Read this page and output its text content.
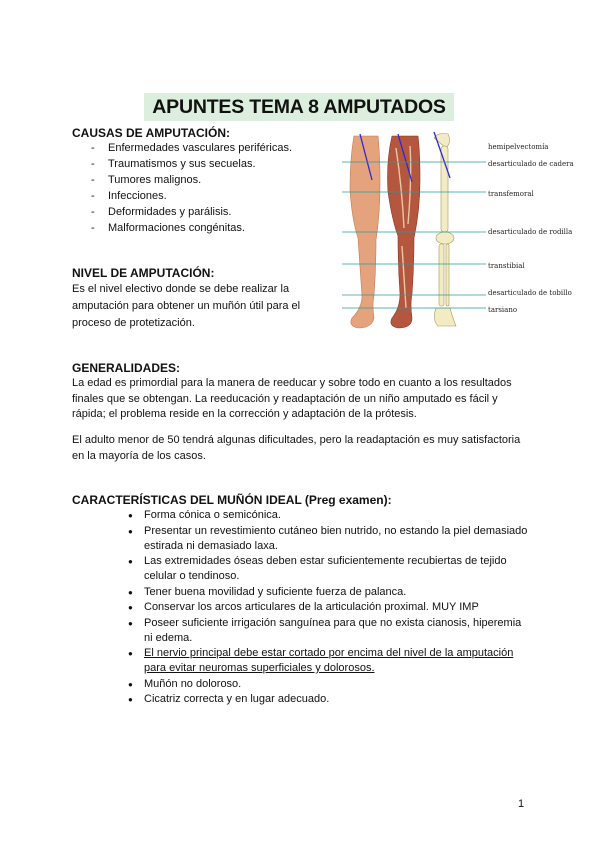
APUNTES TEMA 8 AMPUTADOS
CAUSAS DE AMPUTACIÓN:
- Enfermedades vasculares periféricas.
- Traumatismos y sus secuelas.
- Tumores malignos.
- Infecciones.
- Deformidades y parálisis.
- Malformaciones congénitas.
NIVEL DE AMPUTACIÓN:

Es el nivel electivo donde se debe realizar la
amputación para obtener un muñón útil para el
proceso de protetización.

hemipelvectomía
desarticulado de cadera
transfemoral
desarticulado de rodilla
transtibial
desarticulado de tobillo
tarsiano
GENERALIDADES:

La edad es primordial para la manera de reeducar y sobre todo en cuanto a los resultados
finales que se obtengan. La reeducación y readaptación de un niño amputado es fácil y
rápida; el problema reside en la corrección y adaptación de la prótesis.

El adulto menor de 50 tendrá algunas dificultades, pero la readaptación es muy satisfactoria
en la mayoría de los casos.

CARACTERÍSTICAS DEL MUÑÓN IDEAL (Preg examen):
● Forma cónica o semicónica.
● Presentar un revestimiento cutáneo bien nutrido, no estando la piel demasiado estirada ni demasiado laxa.
● Las extremidades óseas deben estar suficientemente recubiertas de tejido celular o tendinoso.
● Tener buena movilidad y suficiente fuerza de palanca.
● Conservar los arcos articulares de la articulación proximal. MUY IMP
● Poseer suficiente irrigación sanguínea para que no exista cianosis, hiperemia ni edema.
● El nervio principal debe estar cortado por encima del nivel de la amputación para evitar neuromas superficiales y dolorosos.
● Muñón no doloroso.
● Cicatriz correcta y en lugar adecuado.
1
